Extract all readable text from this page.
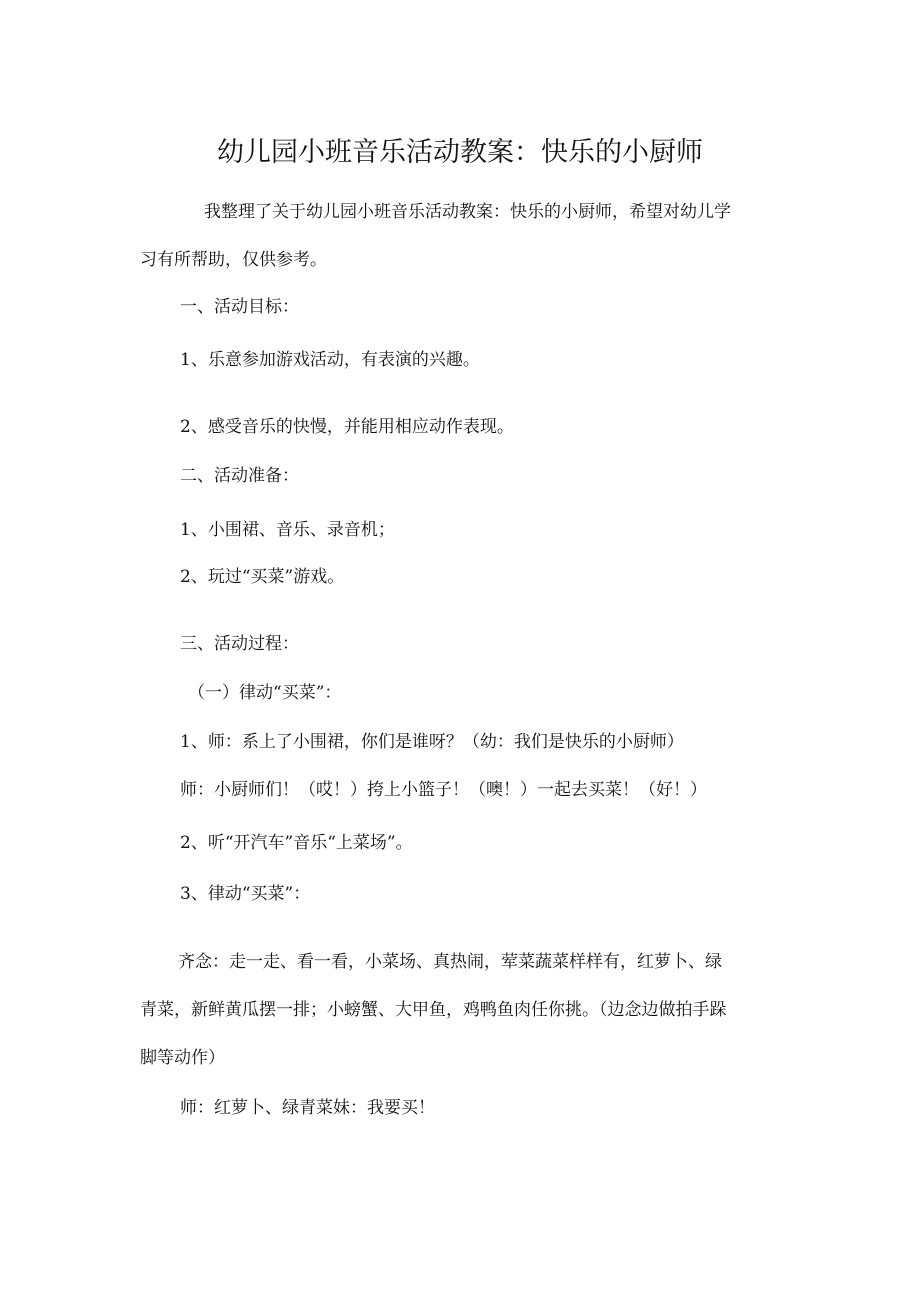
幼儿园小班音乐活动教案：快乐的小厨师
我整理了关于幼儿园小班音乐活动教案：快乐的小厨师，希望对幼儿学
习有所帮助，仅供参考。
一、活动目标：
1、乐意参加游戏活动，有表演的兴趣。
2、感受音乐的快慢，并能用相应动作表现。
二、活动准备：
1、小围裙、音乐、录音机；
2、玩过“买菜”游戏。
三、活动过程：
（一）律动“买菜”：
1、师：系上了小围裙，你们是谁呀？（幼：我们是快乐的小厨师）
师：小厨师们！（哎！）挎上小篮子！（噢！）一起去买菜！（好！）
2、听“开汽车”音乐“上菜场”。
3、律动“买菜”：
齐念：走一走、看一看，小菜场、真热闹，荤菜蔬菜样样有，红萝卜、绿
青菜，新鲜黄瓜摆一排；小螃蟹、大甲鱼，鸡鸭鱼肉任你挑。（边念边做拍手跺
脚等动作）
师：红萝卜、绿青菜妹：我要买！
